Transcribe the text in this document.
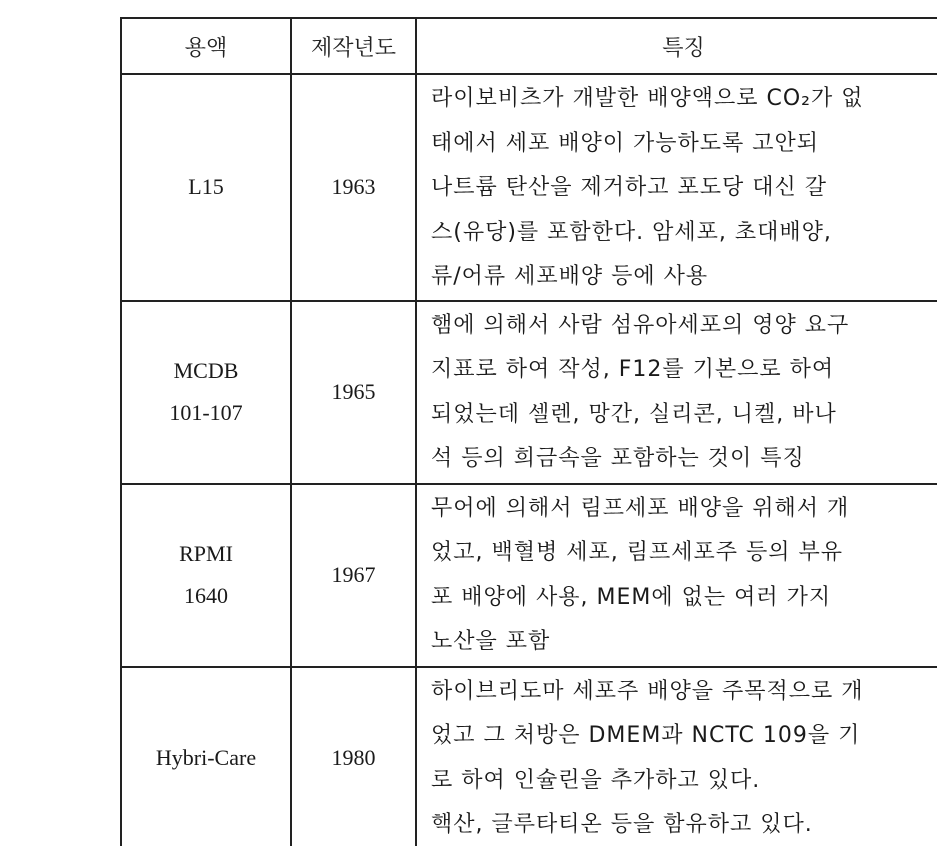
용액	제작년도	특징

L15	1963	라이보비츠가 개발한 배양액으로 CO₂가 없
태에서 세포 배양이 가능하도록 고안되
나트륨 탄산을 제거하고 포도당 대신 갈
스(유당)를 포함한다. 암세포, 초대배양,
류/어류 세포배양 등에 사용

MCDB
101-107	1965	햄에 의해서 사람 섬유아세포의 영양 요구
지표로 하여 작성, F12를 기본으로 하여
되었는데 셀렌, 망간, 실리콘, 니켈, 바나
석 등의 희금속을 포함하는 것이 특징

RPMI
1640	1967	무어에 의해서 림프세포 배양을 위해서 개
었고, 백혈병 세포, 림프세포주 등의 부유
포 배양에 사용, MEM에 없는 여러 가지
노산을 포함

Hybri-Care	1980	하이브리도마 세포주 배양을 주목적으로 개
었고 그 처방은 DMEM과 NCTC 109을 기
로 하여 인슐린을 추가하고 있다.
핵산, 글루타티온 등을 함유하고 있다.
